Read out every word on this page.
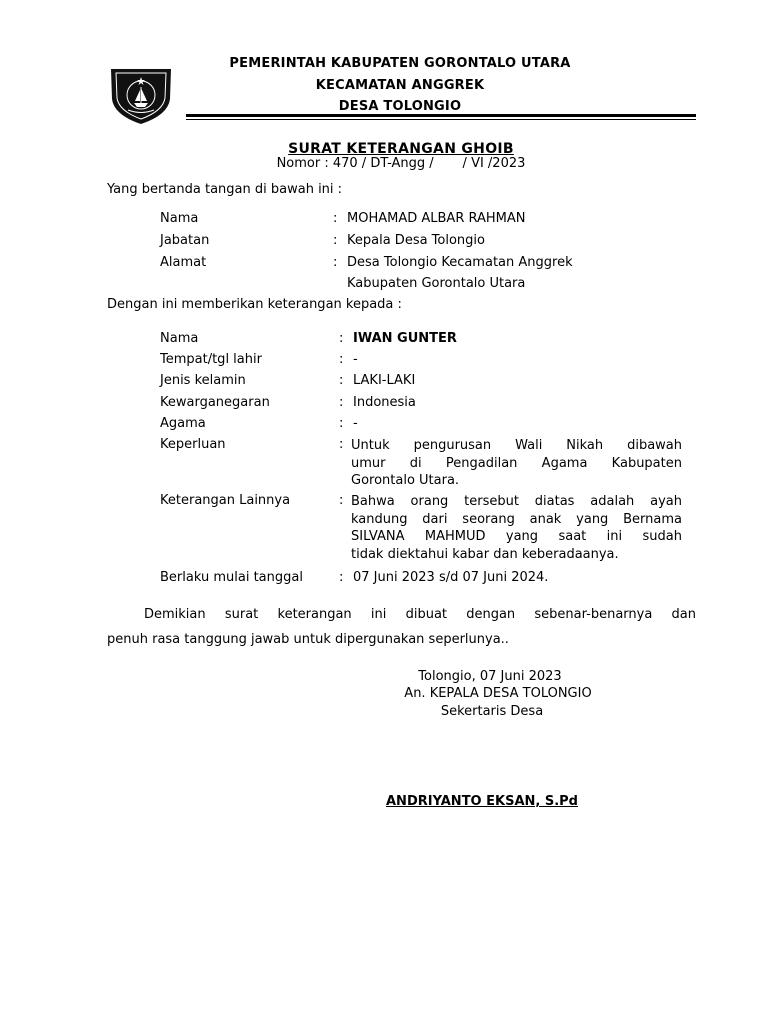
PEMERINTAH KABUPATEN GORONTALO UTARA
KECAMATAN ANGGREK
DESA TOLONGIO
SURAT KETERANGAN GHOIB
Nomor : 470 / DT-Angg /       / VI /2023
Yang bertanda tangan di bawah ini :
Nama	: MOHAMAD ALBAR RAHMAN
Jabatan	: Kepala Desa Tolongio
Alamat	: Desa Tolongio Kecamatan Anggrek
Kabupaten Gorontalo Utara
Dengan ini memberikan keterangan kepada :
Nama	: IWAN GUNTER
Tempat/tgl lahir	: -
Jenis kelamin	: LAKI-LAKI
Kewarganegaran	: Indonesia
Agama	: -
Keperluan	: Untuk pengurusan Wali Nikah dibawah
umur di Pengadilan Agama Kabupaten
Gorontalo Utara.
Keterangan Lainnya	: Bahwa orang tersebut diatas adalah ayah
kandung dari seorang anak yang Bernama
SILVANA MAHMUD yang saat ini sudah
tidak diektahui kabar dan keberadaanya.
Berlaku mulai tanggal	: 07 Juni 2023 s/d 07 Juni 2024.
Demikian surat keterangan ini dibuat dengan sebenar-benarnya dan
penuh rasa tanggung jawab untuk dipergunakan seperlunya..
Tolongio, 07 Juni 2023
An. KEPALA DESA TOLONGIO
Sekertaris Desa
ANDRIYANTO EKSAN, S.Pd
